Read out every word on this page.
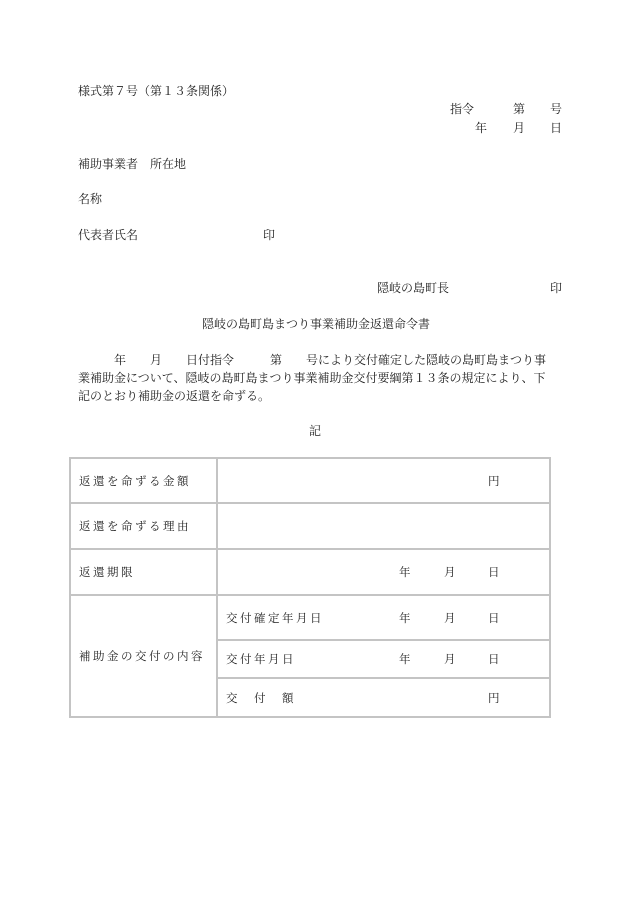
様式第７号（第１３条関係）
指令	第 号
年 月 日
補助事業者 所在地
名称
代表者氏名	印
隠岐の島町長	印
隠岐の島町島まつり事業補助金返還命令書
　　　年　　月　　日付指令　　　第　　号により交付確定した隠岐の島町島まつり事
業補助金について、隠岐の島町島まつり事業補助金交付要綱第１３条の規定により、下
記のとおり補助金の返還を命ずる。
記
返還を命ずる金額	円

返還を命ずる理由	
返還期限	年 月 日

補助金の交付の内容	交付確定年月日 年 月 日

	交付年月日 年 月 日

	交　付　額 円
